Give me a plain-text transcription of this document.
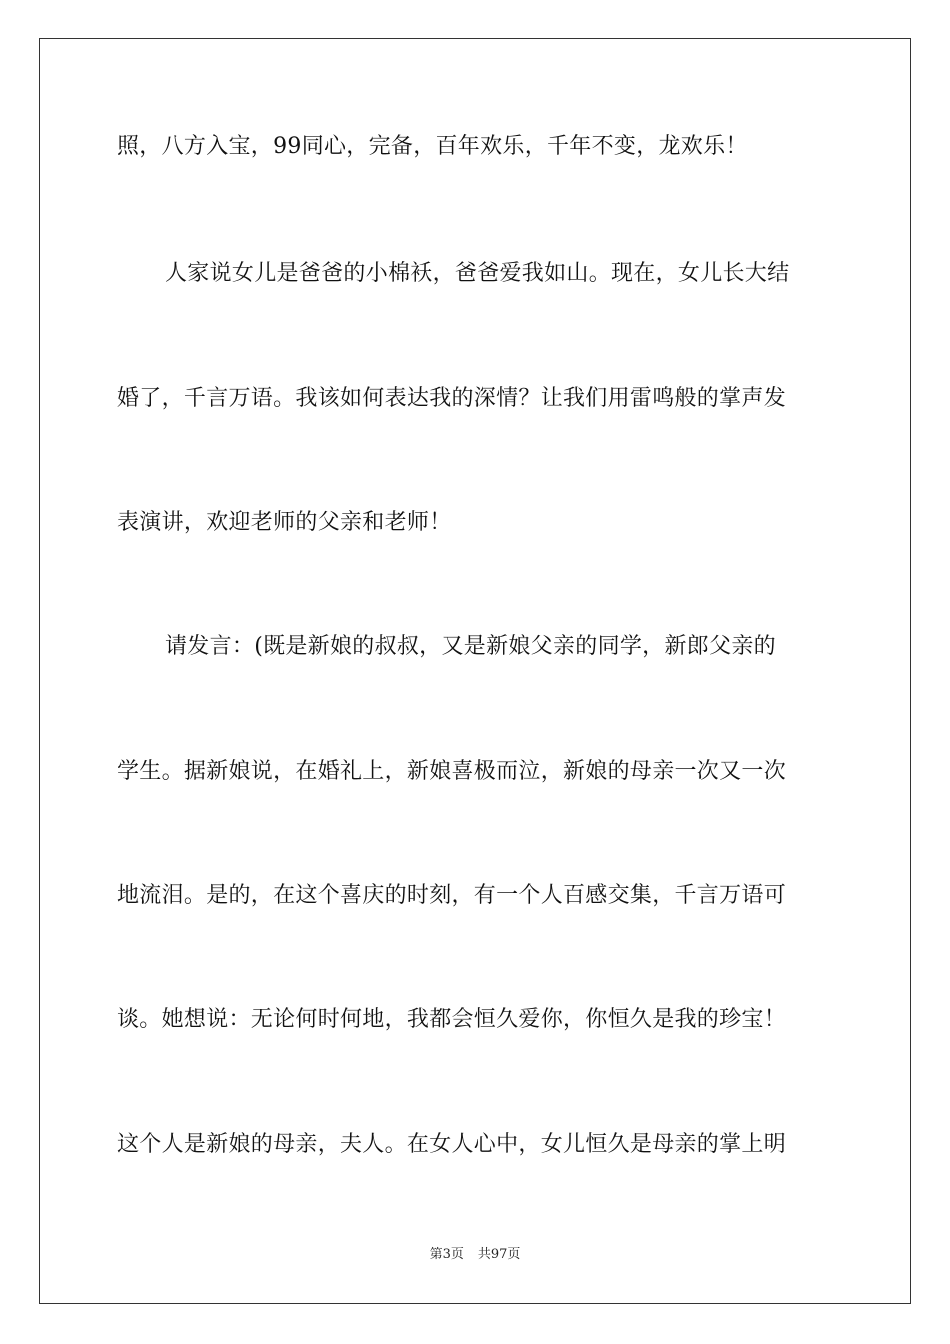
照，八方入宝，99同心，完备，百年欢乐，千年不变，龙欢乐！
人家说女儿是爸爸的小棉袄，爸爸爱我如山。现在，女儿长大结
婚了，千言万语。我该如何表达我的深情？让我们用雷鸣般的掌声发
表演讲，欢迎老师的父亲和老师！
请发言：(既是新娘的叔叔，又是新娘父亲的同学，新郎父亲的
学生。据新娘说，在婚礼上，新娘喜极而泣，新娘的母亲一次又一次
地流泪。是的，在这个喜庆的时刻，有一个人百感交集，千言万语可
谈。她想说：无论何时何地，我都会恒久爱你，你恒久是我的珍宝！
这个人是新娘的母亲，夫人。在女人心中，女儿恒久是母亲的掌上明
第3页 共97页
